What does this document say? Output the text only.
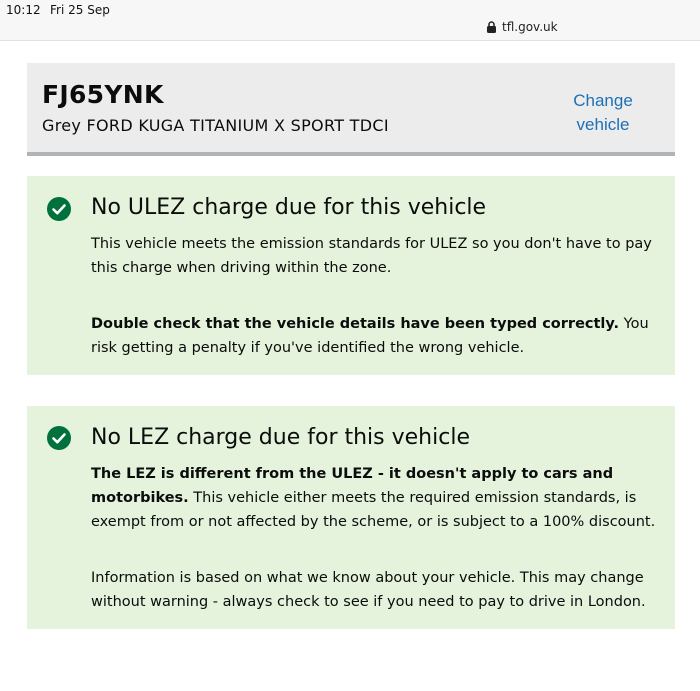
10:12 Fri 25 Sep
tfl.gov.uk
FJ65YNK
Grey FORD KUGA TITANIUM X SPORT TDCI
Change
vehicle
No ULEZ charge due for this vehicle

This vehicle meets the emission standards for ULEZ so you don't have to pay this charge when driving within the zone.

Double check that the vehicle details have been typed correctly. You risk getting a penalty if you've identified the wrong vehicle.

No LEZ charge due for this vehicle

The LEZ is different from the ULEZ - it doesn't apply to cars and motorbikes. This vehicle either meets the required emission standards, is exempt from or not affected by the scheme, or is subject to a 100% discount.

Information is based on what we know about your vehicle. This may change without warning - always check to see if you need to pay to drive in London.
